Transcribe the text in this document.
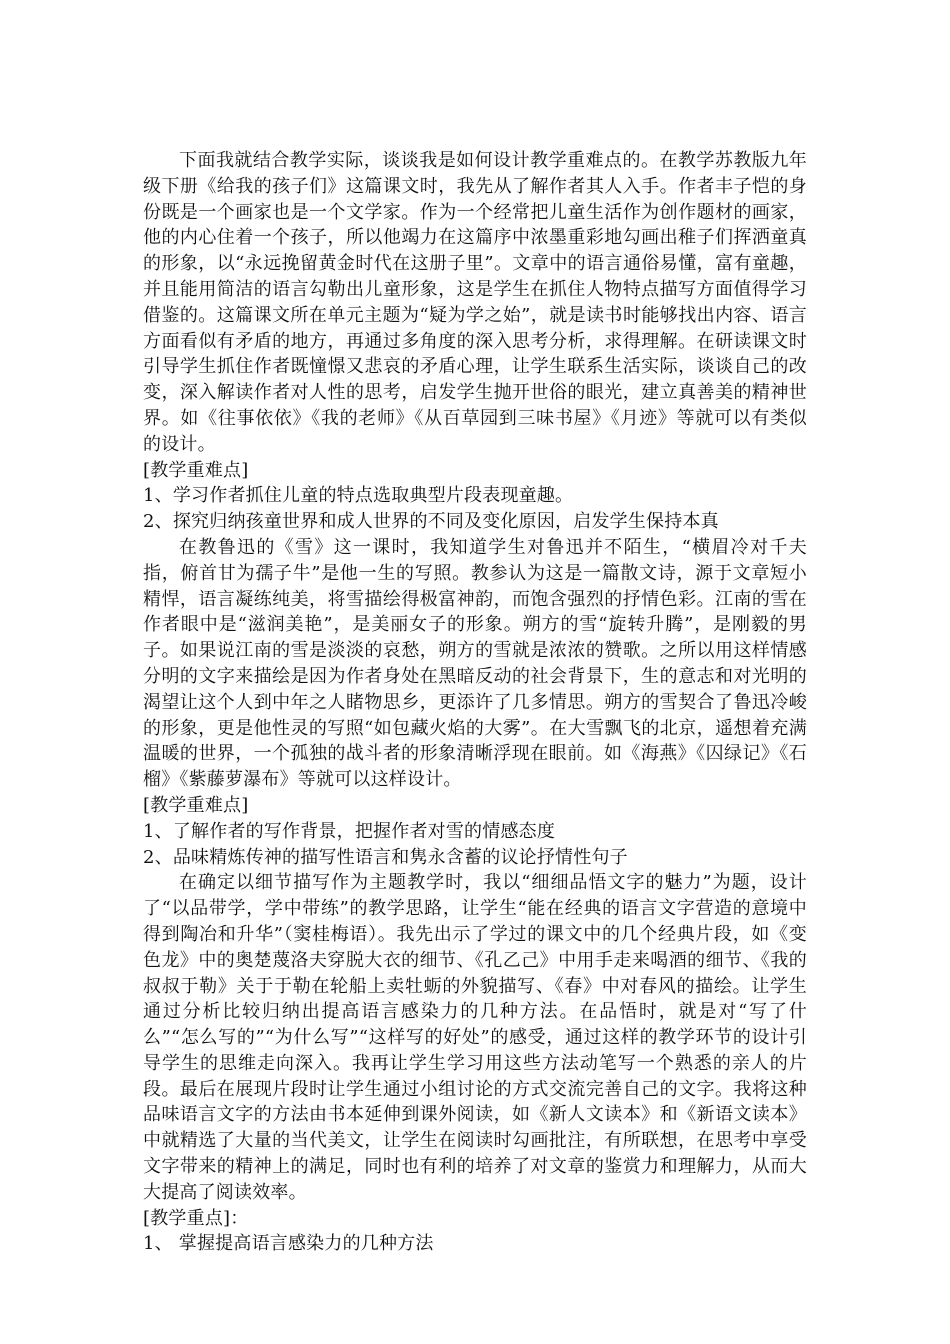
下面我就结合教学实际，谈谈我是如何设计教学重难点的。在教学苏教版九年级下册《给我的孩子们》这篇课文时，我先从了解作者其人入手。作者丰子恺的身份既是一个画家也是一个文学家。作为一个经常把儿童生活作为创作题材的画家，他的内心住着一个孩子，所以他竭力在这篇序中浓墨重彩地勾画出稚子们挥洒童真的形象，以“永远挽留黄金时代在这册子里”。文章中的语言通俗易懂，富有童趣，并且能用简洁的语言勾勒出儿童形象，这是学生在抓住人物特点描写方面值得学习借鉴的。这篇课文所在单元主题为“疑为学之始”，就是读书时能够找出内容、语言方面看似有矛盾的地方，再通过多角度的深入思考分析，求得理解。在研读课文时引导学生抓住作者既憧憬又悲哀的矛盾心理，让学生联系生活实际，谈谈自己的改变，深入解读作者对人性的思考，启发学生抛开世俗的眼光，建立真善美的精神世界。如《往事依依》《我的老师》《从百草园到三味书屋》《月迹》等就可以有类似的设计。

[教学重难点]

1、学习作者抓住儿童的特点选取典型片段表现童趣。

2、探究归纳孩童世界和成人世界的不同及变化原因，启发学生保持本真

在教鲁迅的《雪》这一课时，我知道学生对鲁迅并不陌生，“横眉冷对千夫指，俯首甘为孺子牛”是他一生的写照。教参认为这是一篇散文诗，源于文章短小精悍，语言凝练纯美，将雪描绘得极富神韵，而饱含强烈的抒情色彩。江南的雪在作者眼中是“滋润美艳”，是美丽女子的形象。朔方的雪“旋转升腾”，是刚毅的男子。如果说江南的雪是淡淡的哀愁，朔方的雪就是浓浓的赞歌。之所以用这样情感分明的文字来描绘是因为作者身处在黑暗反动的社会背景下，生的意志和对光明的渴望让这个人到中年之人睹物思乡，更添许了几多情思。朔方的雪契合了鲁迅冷峻的形象，更是他性灵的写照“如包藏火焰的大雾”。在大雪飘飞的北京，遥想着充满温暖的世界，一个孤独的战斗者的形象清晰浮现在眼前。如《海燕》《囚绿记》《石榴》《紫藤萝瀑布》等就可以这样设计。

[教学重难点]

1、了解作者的写作背景，把握作者对雪的情感态度

2、品味精炼传神的描写性语言和隽永含蓄的议论抒情性句子

在确定以细节描写作为主题教学时，我以“细细品悟文字的魅力”为题，设计了“以品带学，学中带练”的教学思路，让学生“能在经典的语言文字营造的意境中得到陶冶和升华”（窦桂梅语）。我先出示了学过的课文中的几个经典片段，如《变色龙》中的奥楚蔑洛夫穿脱大衣的细节、《孔乙己》中用手走来喝酒的细节、《我的叔叔于勒》关于于勒在轮船上卖牡蛎的外貌描写、《春》中对春风的描绘。让学生通过分析比较归纳出提高语言感染力的几种方法。在品悟时，就是对“写了什么”“怎么写的”“为什么写”“这样写的好处”的感受，通过这样的教学环节的设计引导学生的思维走向深入。我再让学生学习用这些方法动笔写一个熟悉的亲人的片段。最后在展现片段时让学生通过小组讨论的方式交流完善自己的文字。我将这种品味语言文字的方法由书本延伸到课外阅读，如《新人文读本》和《新语文读本》中就精选了大量的当代美文，让学生在阅读时勾画批注，有所联想，在思考中享受文字带来的精神上的满足，同时也有利的培养了对文章的鉴赏力和理解力，从而大大提高了阅读效率。

[教学重点]：

1、 掌握提高语言感染力的几种方法
